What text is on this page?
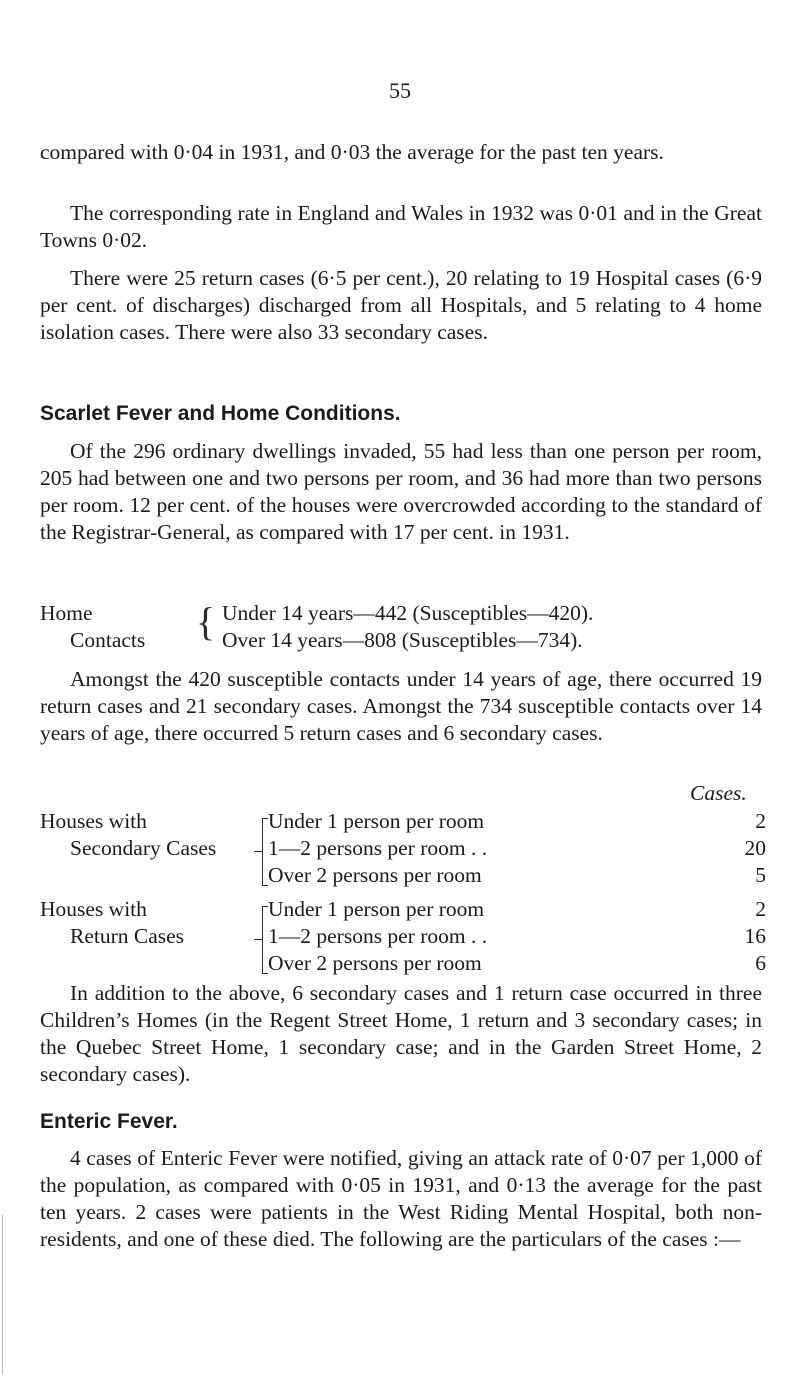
55

compared with 0·04 in 1931, and 0·03 the average for the past ten years.

The corresponding rate in England and Wales in 1932 was 0·01 and in the Great Towns 0·02.

There were 25 return cases (6·5 per cent.), 20 relating to 19 Hospital cases (6·9 per cent. of discharges) discharged from all Hospitals, and 5 relating to 4 home isolation cases. There were also 33 secondary cases.

Scarlet Fever and Home Conditions.

Of the 296 ordinary dwellings invaded, 55 had less than one person per room, 205 had between one and two persons per room, and 36 had more than two persons per room. 12 per cent. of the houses were overcrowded according to the standard of the Registrar-General, as compared with 17 per cent. in 1931.

Home
Contacts { Under 14 years—442 (Susceptibles—420).
Over 14 years—808 (Susceptibles—734).

Amongst the 420 susceptible contacts under 14 years of age, there occurred 19 return cases and 21 secondary cases. Amongst the 734 susceptible contacts over 14 years of age, there occurred 5 return cases and 6 secondary cases.

Cases.
Houses with
Secondary Cases
Under 1 person per room	2
1—2 persons per room . .	20
Over 2 persons per room	5
Houses with
Return Cases
Under 1 person per room	2
1—2 persons per room . .	16
Over 2 persons per room	6

In addition to the above, 6 secondary cases and 1 return case occurred in three Children’s Homes (in the Regent Street Home, 1 return and 3 secondary cases; in the Quebec Street Home, 1 secondary case; and in the Garden Street Home, 2 secondary cases).

Enteric Fever.

4 cases of Enteric Fever were notified, giving an attack rate of 0·07 per 1,000 of the population, as compared with 0·05 in 1931, and 0·13 the average for the past ten years. 2 cases were patients in the West Riding Mental Hospital, both non-residents, and one of these died. The following are the particulars of the cases :—
